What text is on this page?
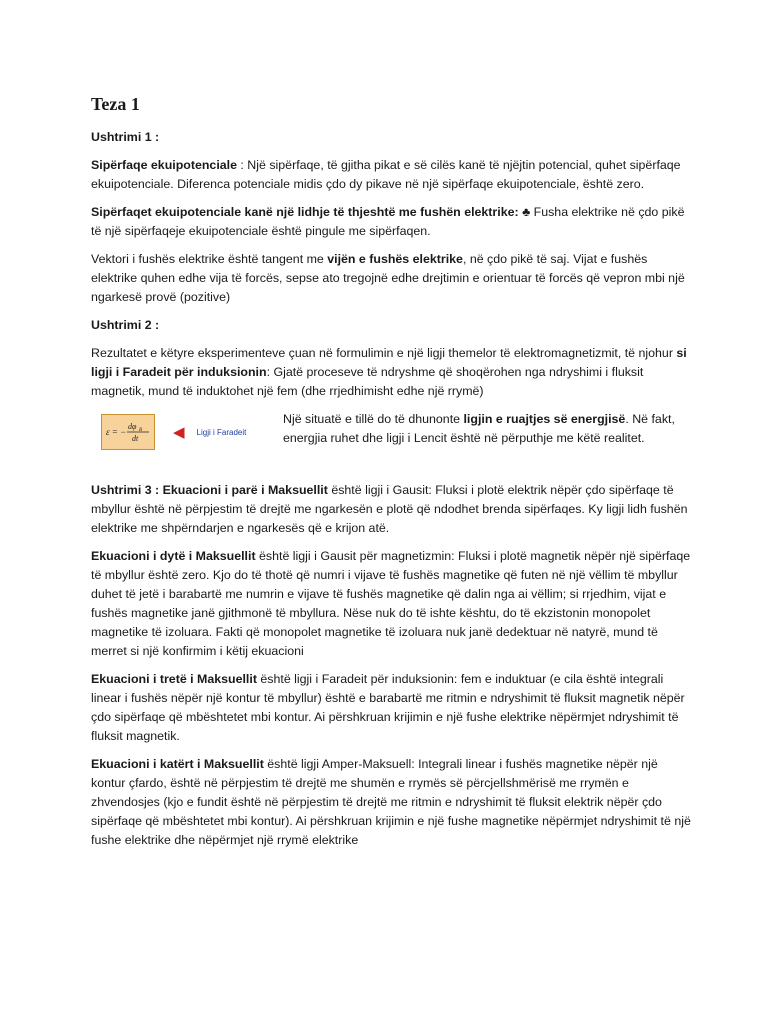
Teza 1

Ushtrimi 1 :

Sipërfaqe ekuipotenciale : Një sipërfaqe, të gjitha pikat e së cilës kanë të njëjtin potencial, quhet sipërfaqe ekuipotenciale. Diferenca potenciale midis çdo dy pikave në një sipërfaqe ekuipotenciale, është zero.

Sipërfaqet ekuipotenciale kanë një lidhje të thjeshtë me fushën elektrike: ♣ Fusha elektrike në çdo pikë të një sipërfaqeje ekuipotenciale është pingule me sipërfaqen.

Vektori i fushës elektrike është tangent me vijën e fushës elektrike, në çdo pikë të saj. Vijat e fushës elektrike quhen edhe vija të forcës, sepse ato tregojnë edhe drejtimin e orientuar të forcës që vepron mbi një ngarkesë provë (pozitive)

Ushtrimi 2 :

Rezultatet e këtyre eksperimenteve çuan në formulimin e një ligji themelor të elektromagnetizmit, të njohur si ligji i Faradeit për induksionin: Gjatë proceseve të ndryshme që shoqërohen nga ndryshimi i fluksit magnetik, mund të induktohet një fem (dhe rrjedhimisht edhe një rrymë)

ε = −
dφ B
dt ◀ Ligji i Faradeit
Një situatë e tillë do të dhunonte ligjin e ruajtjes së energjisë. Në fakt, energjia ruhet dhe ligji i Lencit është në përputhje me këtë realitet.

Ushtrimi 3 : Ekuacioni i parë i Maksuellit është ligji i Gausit: Fluksi i plotë elektrik nëpër çdo sipërfaqe të mbyllur është në përpjestim të drejtë me ngarkesën e plotë që ndodhet brenda sipërfaqes. Ky ligji lidh fushën elektrike me shpërndarjen e ngarkesës që e krijon atë.

Ekuacioni i dytë i Maksuellit është ligji i Gausit për magnetizmin: Fluksi i plotë magnetik nëpër një sipërfaqe të mbyllur është zero. Kjo do të thotë që numri i vijave të fushës magnetike që futen në një vëllim të mbyllur duhet të jetë i barabartë me numrin e vijave të fushës magnetike që dalin nga ai vëllim; si rrjedhim, vijat e fushës magnetike janë gjithmonë të mbyllura. Nëse nuk do të ishte kështu, do të ekzistonin monopolet magnetike të izoluara. Fakti që monopolet magnetike të izoluara nuk janë dedektuar në natyrë, mund të merret si një konfirmim i këtij ekuacioni

Ekuacioni i tretë i Maksuellit është ligji i Faradeit për induksionin: fem e induktuar (e cila është integrali linear i fushës nëpër një kontur të mbyllur) është e barabartë me ritmin e ndryshimit të fluksit magnetik nëpër çdo sipërfaqe që mbështetet mbi kontur. Ai përshkruan krijimin e një fushe elektrike nëpërmjet ndryshimit të fluksit magnetik.

Ekuacioni i katërt i Maksuellit është ligji Amper-Maksuell: Integrali linear i fushës magnetike nëpër një kontur çfardo, është në përpjestim të drejtë me shumën e rrymës së përcjellshmërisë me rrymën e zhvendosjes (kjo e fundit është në përpjestim të drejtë me ritmin e ndryshimit të fluksit elektrik nëpër çdo sipërfaqe që mbështetet mbi kontur). Ai përshkruan krijimin e një fushe magnetike nëpërmjet ndryshimit të një fushe elektrike dhe nëpërmjet një rrymë elektrike
